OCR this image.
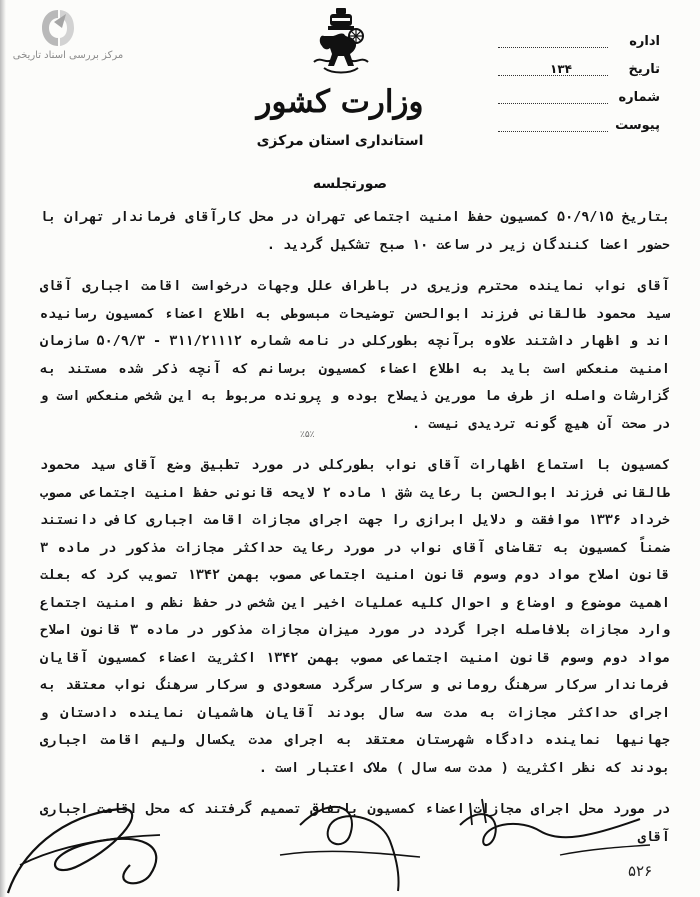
مرکز بررسی اسناد تاریخی
وزارت کشور
استانداری استان مرکزی
اداره
تاریخ
۱۳۴
شماره
پیوست
صورتجلسه

بتاریخ ۵۰/۹/۱۵ کمسیون حفظ امنیت اجتماعی تهران در محل کارآقای فرماندار تهران با حضور اعضا کنندگان زیر در ساعت ۱۰ صبح تشکیل گردید .

آقای نواب نماینده محترم وزیری در باطراف علل وجهات درخواست اقامت اجباری آقای سید محمود طالقانی فرزند ابوالحسن توضیحات مبسوطی به اطلاع اعضاء کمسیون رسانیده اند و اظهار داشتند علاوه برآنچه بطورکلی در نامه شماره ۳۱۱/۲۱۱۱۲ - ۵۰/۹/۳ سازمان امنیت منعکس است باید به اطلاع اعضاء کمسیون برسانم که آنچه ذکر شده مستند به گزارشات واصله از طرف ما مورین ذیصلاح بوده و پرونده مربوط به این شخص منعکس است و در صحت آن هیچ گونه تردیدی نیست .

کمسیون با استماع اظهارات آقای نواب بطورکلی در مورد تطبیق وضع آقای سید محمود طالقانی فرزند ابوالحسن با رعایت شق ۱ ماده ۲ لایحه قانونی حفظ امنیت اجتماعی مصوب خرداد ۱۳۳۶ موافقت و دلایل ابرازی را جهت اجرای مجازات اقامت اجباری کافی دانستند ضمناً کمسیون به تقاضای آقای نواب در مورد رعایت حداکثر مجازات مذکور در ماده ۳ قانون اصلاح مواد دوم وسوم قانون امنیت اجتماعی مصوب بهمن ۱۳۴۲ تصویب کرد که بعلت اهمیت موضوع و اوضاع و احوال کلیه عملیات اخیر این شخص در حفظ نظم و امنیت اجتماع وارد مجازات بلافاصله اجرا گردد در مورد میزان مجازات مذکور در ماده ۳ قانون اصلاح مواد دوم وسوم قانون امنیت اجتماعی مصوب بهمن ۱۳۴۲ اکثریت اعضاء کمسیون آقایان فرماندار سرکار سرهنگ رومانی و سرکار سرگرد مسعودی و سرکار سرهنگ نواب معتقد به اجرای حداکثر مجازات به مدت سه سال بودند آقایان هاشمیان نماینده دادستان و جهانیها نماینده دادگاه شهرستان معتقد به اجرای مدت یکسال ولیم اقامت اجباری بودند که نظر اکثریت ( مدت سه سال ) ملاک اعتبار است .

در مورد محل اجرای مجازات اعضاء کمسیون باتفاق تصمیم گرفتند که محل اقامت اجباری آقای

٪۵٪
۵۲۶
